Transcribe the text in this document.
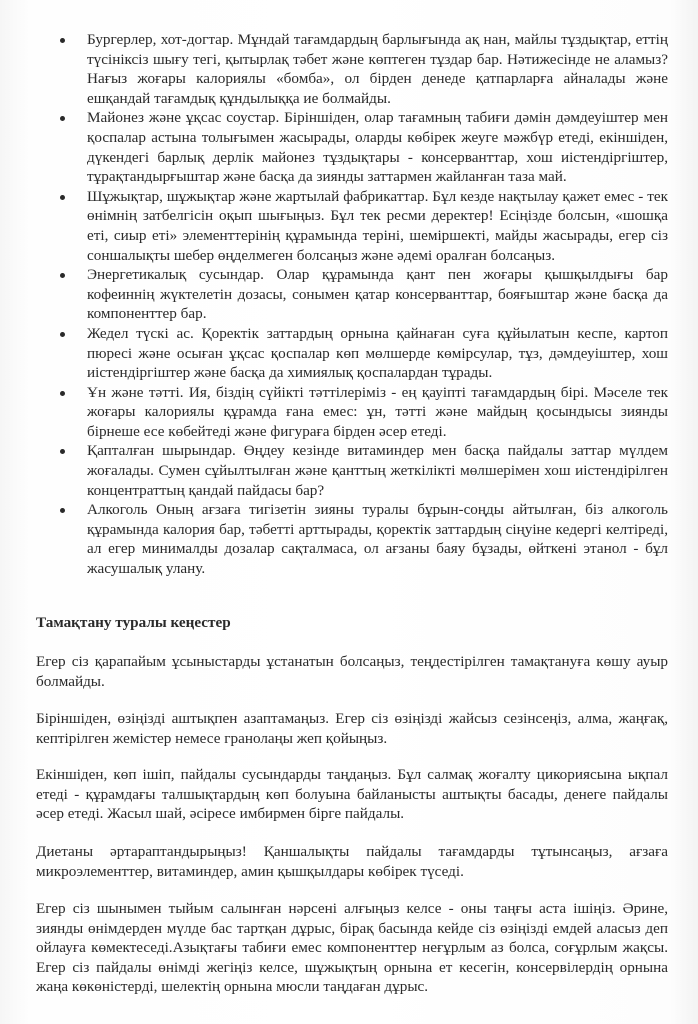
Бургерлер, хот-догтар. Мұндай тағамдардың барлығында ақ нан, майлы тұздықтар, еттің түсініксіз шығу тегі, қытырлақ тәбет және көптеген тұздар бар. Нәтижесінде не аламыз? Нағыз жоғары калориялы «бомба», ол бірден денеде қатпарларға айналады және ешқандай тағамдық құндылыққа ие болмайды.
Майонез және ұқсас соустар. Біріншіден, олар тағамның табиғи дәмін дәмдеуіштер мен қоспалар астына толығымен жасырады, оларды көбірек жеуге мәжбүр етеді, екіншіден, дүкендегі барлық дерлік майонез тұздықтары - консерванттар, хош иістендіргіштер, тұрақтандырғыштар және басқа да зиянды заттармен жайланған таза май.
Шұжықтар, шұжықтар және жартылай фабрикаттар. Бұл кезде нақтылау қажет емес - тек өнімнің затбелгісін оқып шығыңыз. Бұл тек ресми деректер! Есіңізде болсын, «шошқа еті, сиыр еті» элементтерінің құрамында теріні, шеміршекті, майды жасырады, егер сіз соншалықты шебер өңделмеген болсаңыз және әдемі оралған болсаңыз.
Энергетикалық сусындар. Олар құрамында қант пен жоғары қышқылдығы бар кофеиннің жүктелетін дозасы, сонымен қатар консерванттар, бояғыштар және басқа да компоненттер бар.
Жедел түскі ас. Қоректік заттардың орнына қайнаған суға құйылатын кеспе, картоп пюресі және осыған ұқсас қоспалар көп мөлшерде көмірсулар, тұз, дәмдеуіштер, хош иістендіргіштер және басқа да химиялық қоспалардан тұрады.
Ұн және тәтті. Ия, біздің сүйікті тәттілеріміз - ең қауіпті тағамдардың бірі. Мәселе тек жоғары калориялы құрамда ғана емес: ұн, тәтті және майдың қосындысы зиянды бірнеше есе көбейтеді және фигураға бірден әсер етеді.
Қапталған шырындар. Өңдеу кезінде витаминдер мен басқа пайдалы заттар мүлдем жоғалады. Сумен сұйылтылған және қанттың жеткілікті мөлшерімен хош иістендірілген концентраттың қандай пайдасы бар?
Алкоголь Оның ағзаға тигізетін зияны туралы бұрын-соңды айтылған, біз алкоголь құрамында калория бар, тәбетті арттырады, қоректік заттардың сіңуіне кедергі келтіреді, ал егер минималды дозалар сақталмаса, ол ағзаны баяу бұзады, өйткені этанол - бұл жасушалық улану.
Тамақтану туралы кеңестер

Егер сіз қарапайым ұсыныстарды ұстанатын болсаңыз, теңдестірілген тамақтануға көшу ауыр болмайды.

Біріншіден, өзіңізді аштықпен азаптамаңыз. Егер сіз өзіңізді жайсыз сезінсеңіз, алма, жаңғақ, кептірілген жемістер немесе гранолаңы жеп қойыңыз.

Екіншіден, көп ішіп, пайдалы сусындарды таңдаңыз. Бұл салмақ жоғалту цикориясына ықпал етеді - құрамдағы талшықтардың көп болуына байланысты аштықты басады, денеге пайдалы әсер етеді. Жасыл шай, әсіресе имбирмен бірге пайдалы.

Диетаны әртараптандырыңыз! Қаншалықты пайдалы тағамдарды тұтынсаңыз, ағзаға микроэлементтер, витаминдер, амин қышқылдары көбірек түседі.

Егер сіз шынымен тыйым салынған нәрсені алғыңыз келсе - оны таңғы аста ішіңіз. Әрине, зиянды өнімдерден мүлде бас тартқан дұрыс, бірақ басында кейде сіз өзіңізді емдей аласыз деп ойлауға көмектеседі.Азықтағы табиғи емес компоненттер неғұрлым аз болса, соғұрлым жақсы. Егер сіз пайдалы өнімді жегіңіз келсе, шұжықтың орнына ет кесегін, консервілердің орнына жаңа көкөністерді, шелектің орнына мюсли таңдаған дұрыс.
